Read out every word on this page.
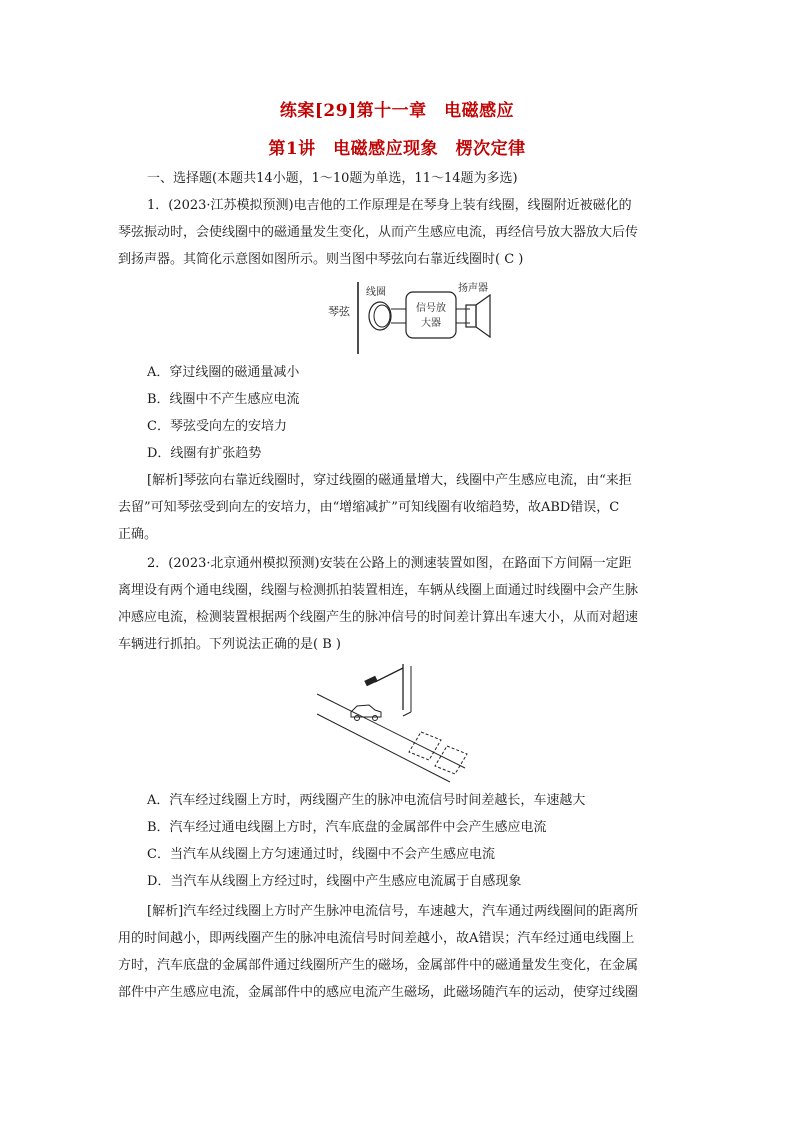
练案[29]第十一章　电磁感应
第1讲　电磁感应现象　楞次定律
一、选择题(本题共14小题，1～10题为单选，11～14题为多选)
1．(2023·江苏模拟预测)电吉他的工作原理是在琴身上装有线圈，线圈附近被磁化的
琴弦振动时，会使线圈中的磁通量发生变化，从而产生感应电流，再经信号放大器放大后传
到扬声器。其简化示意图如图所示。则当图中琴弦向右靠近线圈时( C )
琴弦
线圈
信号放
大器
扬声器
A．穿过线圈的磁通量减小
B．线圈中不产生感应电流
C．琴弦受向左的安培力
D．线圈有扩张趋势
[解析]琴弦向右靠近线圈时，穿过线圈的磁通量增大，线圈中产生感应电流，由“来拒
去留”可知琴弦受到向左的安培力，由“增缩减扩”可知线圈有收缩趋势，故ABD错误，C
正确。
2．(2023·北京通州模拟预测)安装在公路上的测速装置如图，在路面下方间隔一定距
离埋设有两个通电线圈，线圈与检测抓拍装置相连，车辆从线圈上面通过时线圈中会产生脉
冲感应电流，检测装置根据两个线圈产生的脉冲信号的时间差计算出车速大小，从而对超速
车辆进行抓拍。下列说法正确的是( B )
A．汽车经过线圈上方时，两线圈产生的脉冲电流信号时间差越长，车速越大
B．汽车经过通电线圈上方时，汽车底盘的金属部件中会产生感应电流
C．当汽车从线圈上方匀速通过时，线圈中不会产生感应电流
D．当汽车从线圈上方经过时，线圈中产生感应电流属于自感现象
[解析]汽车经过线圈上方时产生脉冲电流信号，车速越大，汽车通过两线圈间的距离所
用的时间越小，即两线圈产生的脉冲电流信号时间差越小，故A错误；汽车经过通电线圈上
方时，汽车底盘的金属部件通过线圈所产生的磁场，金属部件中的磁通量发生变化，在金属
部件中产生感应电流，金属部件中的感应电流产生磁场，此磁场随汽车的运动，使穿过线圈
